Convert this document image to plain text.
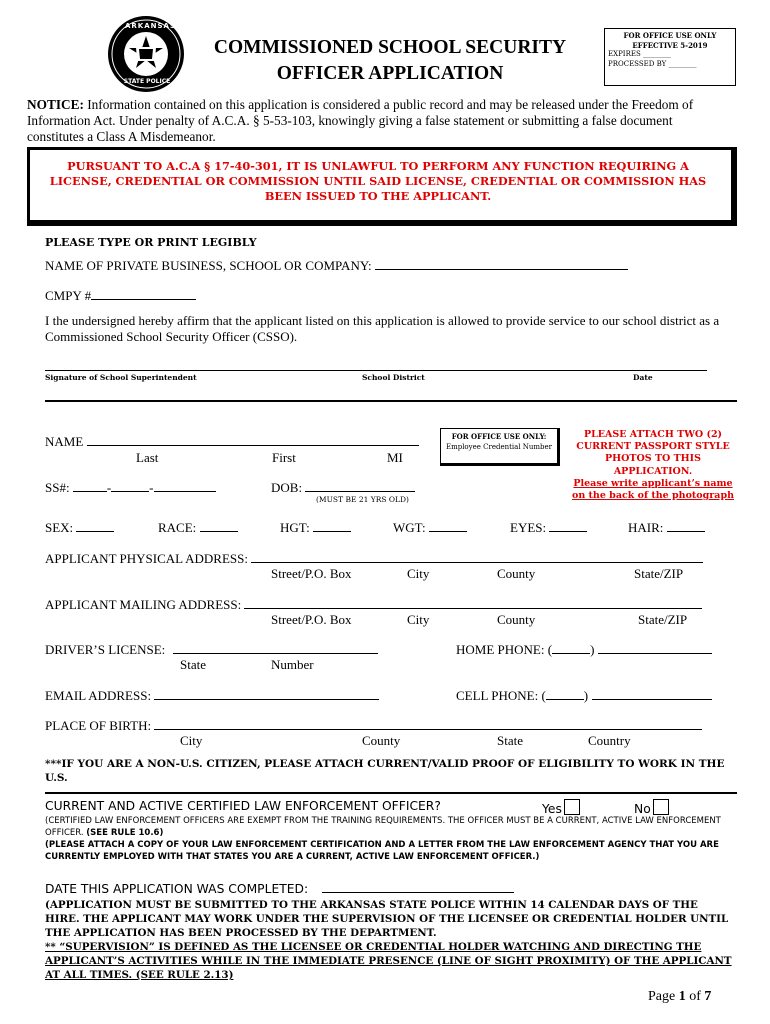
ARKANSAS
STATE POLICE
COMMISSIONED SCHOOL SECURITY
OFFICER APPLICATION
FOR OFFICE USE ONLY
EFFECTIVE 5-2019
EXPIRES ________
PROCESSED BY ________
NOTICE: Information contained on this application is considered a public record and may be released under the Freedom of Information Act. Under penalty of A.C.A. § 5-53-103, knowingly giving a false statement or submitting a false document constitutes a Class A Misdemeanor.
PURSUANT TO A.C.A § 17-40-301, IT IS UNLAWFUL TO PERFORM ANY FUNCTION REQUIRING A LICENSE, CREDENTIAL OR COMMISSION UNTIL SAID LICENSE, CREDENTIAL OR COMMISSION HAS BEEN ISSUED TO THE APPLICANT.
PLEASE TYPE OR PRINT LEGIBLY
NAME OF PRIVATE BUSINESS, SCHOOL OR COMPANY:
CMPY #
I the undersigned hereby affirm that the applicant listed on this application is allowed to provide service to our school district as a Commissioned School Security Officer (CSSO).
Signature of School Superintendent	School District	Date
FOR OFFICE USE ONLY:
Employee Credential Number
PLEASE ATTACH TWO (2) CURRENT PASSPORT STYLE PHOTOS TO THIS APPLICATION.
Please write applicant’s name on the back of the photograph
NAME
Last	First	MI
SS#:	-	-	DOB:
(MUST BE 21 YRS OLD)
SEX:	RACE:	HGT:	WGT:	EYES:	HAIR:
APPLICANT PHYSICAL ADDRESS:
Street/P.O. Box	City	County	State/ZIP
APPLICANT MAILING ADDRESS:
Street/P.O. Box	City	County	State/ZIP
DRIVER’S LICENSE:
State	Number
HOME PHONE: (	)
EMAIL ADDRESS:	CELL PHONE: (	)
PLACE OF BIRTH:
City	County	State	Country
***IF YOU ARE A NON-U.S. CITIZEN, PLEASE ATTACH CURRENT/VALID PROOF OF ELIGIBILITY TO WORK IN THE U.S.
CURRENT AND ACTIVE CERTIFIED LAW ENFORCEMENT OFFICER?	Yes	No
(CERTIFIED LAW ENFORCEMENT OFFICERS ARE EXEMPT FROM THE TRAINING REQUIREMENTS. THE OFFICER MUST BE A CURRENT, ACTIVE LAW ENFORCEMENT OFFICER. (SEE RULE 10.6)
(PLEASE ATTACH A COPY OF YOUR LAW ENFORCEMENT CERTIFICATION AND A LETTER FROM THE LAW ENFORCEMENT AGENCY THAT YOU ARE CURRENTLY EMPLOYED WITH THAT STATES YOU ARE A CURRENT, ACTIVE LAW ENFORCEMENT OFFICER.)
DATE THIS APPLICATION WAS COMPLETED:
(APPLICATION MUST BE SUBMITTED TO THE ARKANSAS STATE POLICE WITHIN 14 CALENDAR DAYS OF THE HIRE. THE APPLICANT MAY WORK UNDER THE SUPERVISION OF THE LICENSEE OR CREDENTIAL HOLDER UNTIL THE APPLICATION HAS BEEN PROCESSED BY THE DEPARTMENT.
** “SUPERVISION” IS DEFINED AS THE LICENSEE OR CREDENTIAL HOLDER WATCHING AND DIRECTING THE APPLICANT’S ACTIVITIES WHILE IN THE IMMEDIATE PRESENCE (LINE OF SIGHT PROXIMITY) OF THE APPLICANT AT ALL TIMES. (SEE RULE 2.13)
Page 1 of 7
